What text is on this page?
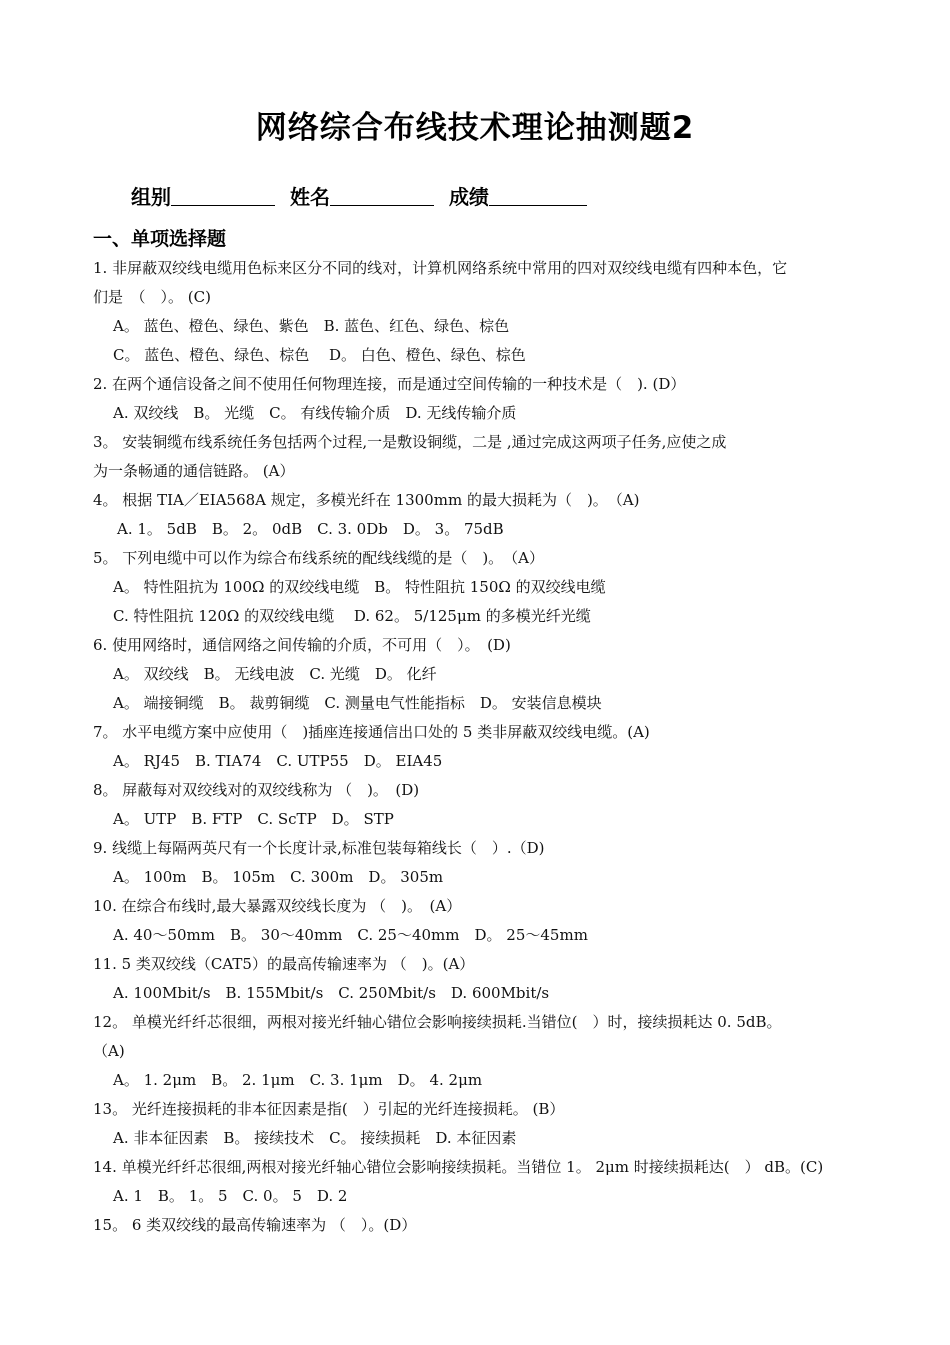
网络综合布线技术理论抽测题2
组别	姓名	成绩
一、单项选择题
1. 非屏蔽双绞线电缆用色标来区分不同的线对，计算机网络系统中常用的四对双绞线电缆有四种本色，它
们是　（　）。 (C)
A。 蓝色、橙色、绿色、紫色　B. 蓝色、红色、绿色、棕色
C。 蓝色、橙色、绿色、棕色　 D。 白色、橙色、绿色、棕色
2. 在两个通信设备之间不使用任何物理连接，而是通过空间传输的一种技术是（　). (D）
A. 双绞线　B。 光缆　C。 有线传输介质　D. 无线传输介质
3。 安装铜缆布线系统任务包括两个过程,一是敷设铜缆，二是 ,通过完成这两项子任务,应使之成
为一条畅通的通信链路。 (A）
4。 根据 TIA／EIA568A 规定，多模光纤在 1300mm 的最大损耗为（　)。　（A)
A. 1。 5dB　B。 2。 0dB　C. 3. 0Db　D。 3。 75dB
5。 下列电缆中可以作为综合布线系统的配线线缆的是（　)。　（A）
A。 特性阻抗为 100Ω 的双绞线电缆　B。 特性阻抗 150Ω 的双绞线电缆
C. 特性阻抗 120Ω 的双绞线电缆　 D. 62。 5/125μm 的多模光纤光缆
6. 使用网络时，通信网络之间传输的介质，不可用（　）。　(D)
A。 双绞线　B。 无线电波　C. 光缆　D。 化纤
A。 端接铜缆　B。 裁剪铜缆　C. 测量电气性能指标　D。 安装信息模块
7。 水平电缆方案中应使用（　)插座连接通信出口处的 5 类非屏蔽双绞线电缆。(A)
A。 RJ45　B. TIA74　C. UTP55　D。 EIA45
8。 屏蔽每对双绞线对的双绞线称为 （　)。　(D)
A。 UTP　B. FTP　C. ScTP　D。 STP
9. 线缆上每隔两英尺有一个长度计录,标准包装每箱线长（　）.（D)
A。 100m　B。 105m　C. 300m　D。 305m
10. 在综合布线时,最大暴露双绞线长度为 （　)。　(A）
A. 40～50mm　B。 30～40mm　C. 25～40mm　D。 25～45mm
11. 5 类双绞线（CAT5）的最高传输速率为 （　)。(A）
A. 100Mbit/s　B. 155Mbit/s　C. 250Mbit/s　D. 600Mbit/s
12。 单模光纤纤芯很细，两根对接光纤轴心错位会影响接续损耗.当错位(　）时，接续损耗达 0. 5dB。
（A)
A。 1. 2μm　B。 2. 1μm　C. 3. 1μm　D。 4. 2μm
13。 光纤连接损耗的非本征因素是指(　）引起的光纤连接损耗。 (B）
A. 非本征因素　B。 接续技术　C。 接续损耗　D. 本征因素
14. 单模光纤纤芯很细,两根对接光纤轴心错位会影响接续损耗。当错位 1。 2μm 时接续损耗达(　） dB。(C)
A. 1　B。 1。 5　C. 0。 5　D. 2
15。 6 类双绞线的最高传输速率为 （　）。(D）
